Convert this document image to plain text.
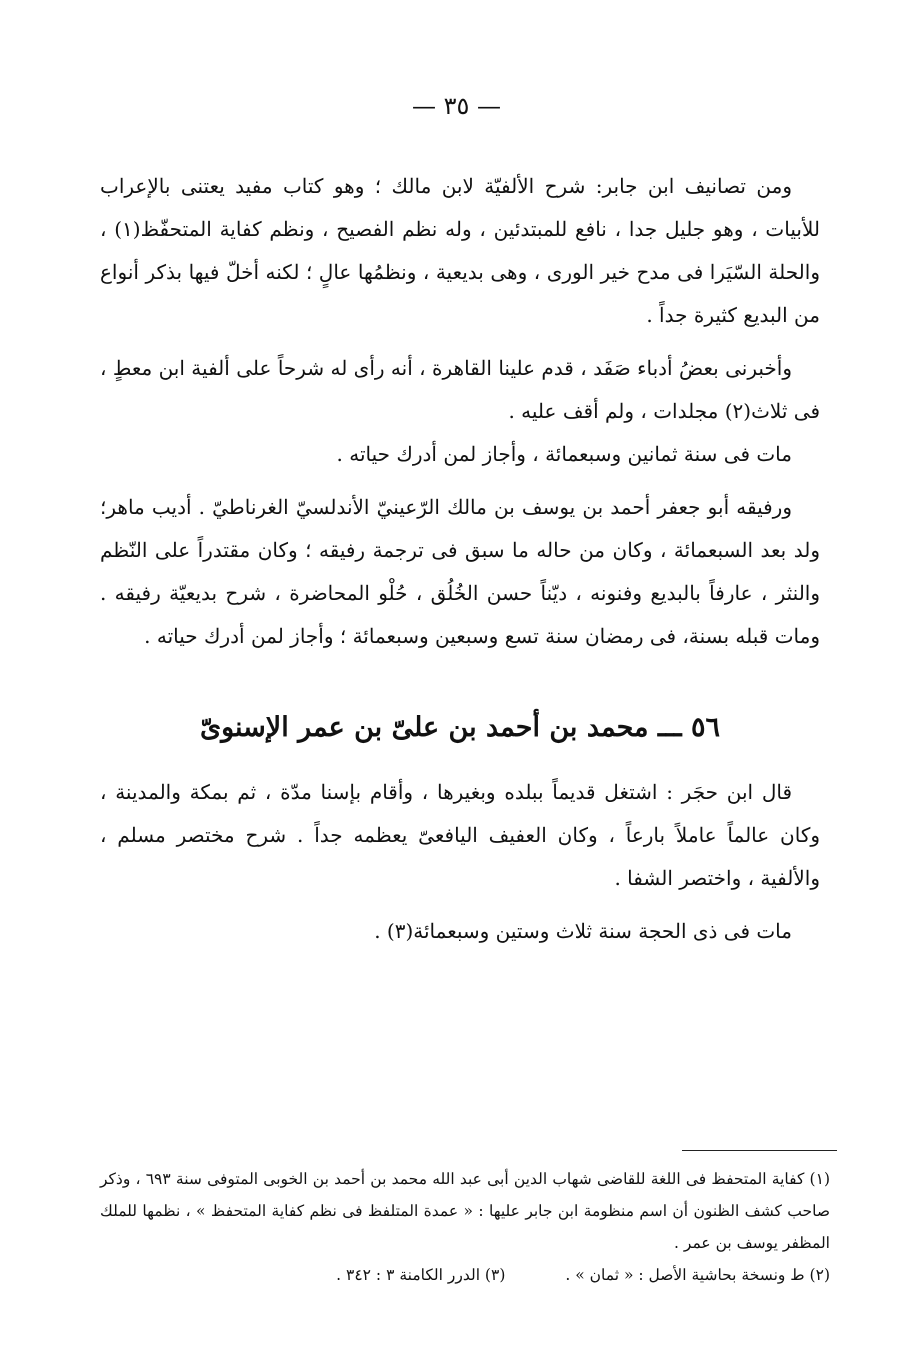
— ٣٥ —

ومن تصانيف ابن جابر: شرح الألفيّة لابن مالك ؛ وهو كتاب مفيد يعتنى بالإعراب للأبيات ، وهو جليل جدا ، نافع للمبتدئين ، وله نظم الفصيح ، ونظم كفاية المتحفّظ(١) ، والحلة السّيَرا فى مدح خير الورى ، وهى بديعية ، ونظمُها عالٍ ؛ لكنه أخلّ فيها بذكر أنواع من البديع كثيرة جداً .

وأخبرنى بعضُ أدباء صَفَد ، قدم علينا القاهرة ، أنه رأى له شرحاً على ألفية ابن معطٍ ، فى ثلاث(٢) مجلدات ، ولم أقف عليه .

مات فى سنة ثمانين وسبعمائة ، وأجاز لمن أدرك حياته .

ورفيقه أبو جعفر أحمد بن يوسف بن مالك الرّعينيّ الأندلسيّ الغرناطيّ . أديب ماهر؛ ولد بعد السبعمائة ، وكان من حاله ما سبق فى ترجمة رفيقه ؛ وكان مقتدراً على النّظم والنثر ، عارفاً بالبديع وفنونه ، ديّناً حسن الخُلُق ، حُلْو المحاضرة ، شرح بديعيّة رفيقه . ومات قبله بسنة، فى رمضان سنة تسع وسبعين وسبعمائة ؛ وأجاز لمن أدرك حياته .

٥٦ ـــ محمد بن أحمد بن علىّ بن عمر الإسنوىّ

قال ابن حجَر : اشتغل قديماً ببلده وبغيرها ، وأقام بإسنا مدّة ، ثم بمكة والمدينة ، وكان عالماً عاملاً بارعاً ، وكان العفيف اليافعىّ يعظمه جداً . شرح مختصر مسلم ، والألفية ، واختصر الشفا .

مات فى ذى الحجة سنة ثلاث وستين وسبعمائة(٣) .

(١) كفاية المتحفظ فى اللغة للقاضى شهاب الدين أبى عبد الله محمد بن أحمد بن الخوبى المتوفى سنة ٦٩٣ ، وذكر صاحب كشف الظنون أن اسم منظومة ابن جابر عليها : « عمدة المتلفظ فى نظم كفاية المتحفظ » ، نظمها للملك المظفر يوسف بن عمر .

(٢) ط ونسخة بحاشية الأصل : « ثمان » .
(٣) الدرر الكامنة ٣ : ٣٤٢ .
